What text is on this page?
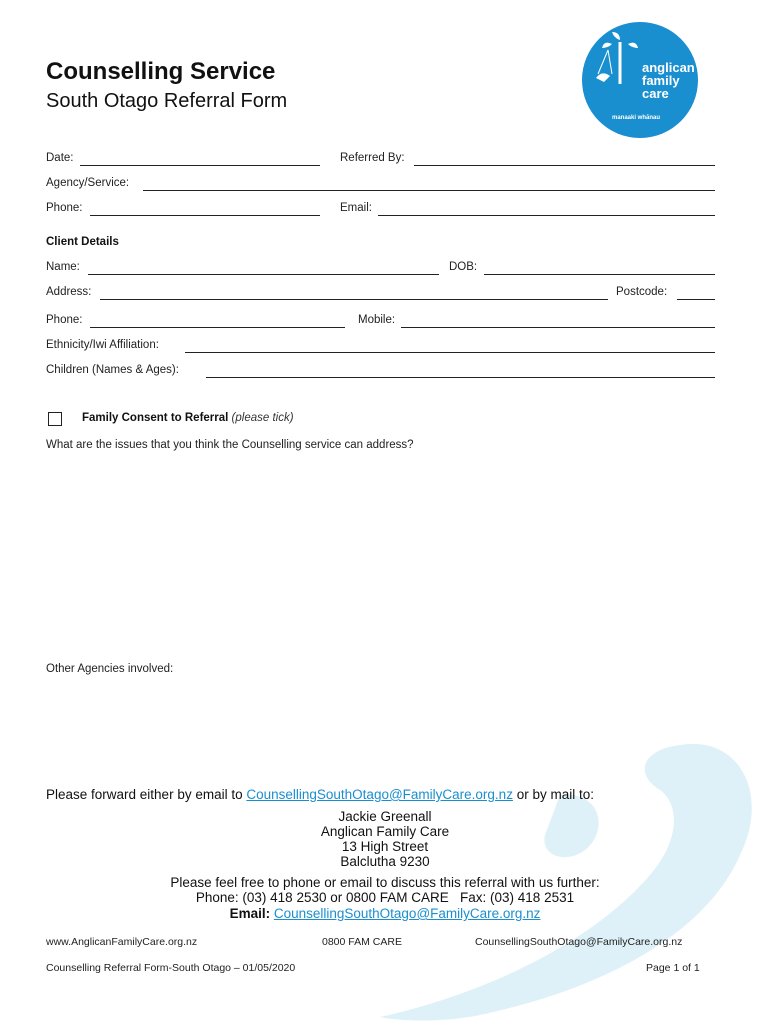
anglican
family
care
manaaki whānau
Counselling Service
South Otago Referral Form
Date:	Referred By:
Agency/Service:
Phone:	Email:
Client Details
Name:	DOB:
Address:	Postcode:
Phone:	Mobile:
Ethnicity/Iwi Affiliation:
Children (Names & Ages):
Family Consent to Referral (please tick)
What are the issues that you think the Counselling service can address?
Other Agencies involved:
Please forward either by email to CounsellingSouthOtago@FamilyCare.org.nz or by mail to:
Jackie Greenall
Anglican Family Care
13 High Street
Balclutha 9230
Please feel free to phone or email to discuss this referral with us further:
Phone: (03) 418 2530 or 0800 FAM CARE   Fax: (03) 418 2531
Email: CounsellingSouthOtago@FamilyCare.org.nz
www.AnglicanFamilyCare.org.nz	0800 FAM CARE	CounsellingSouthOtago@FamilyCare.org.nz
Counselling Referral Form-South Otago – 01/05/2020	Page 1 of 1
